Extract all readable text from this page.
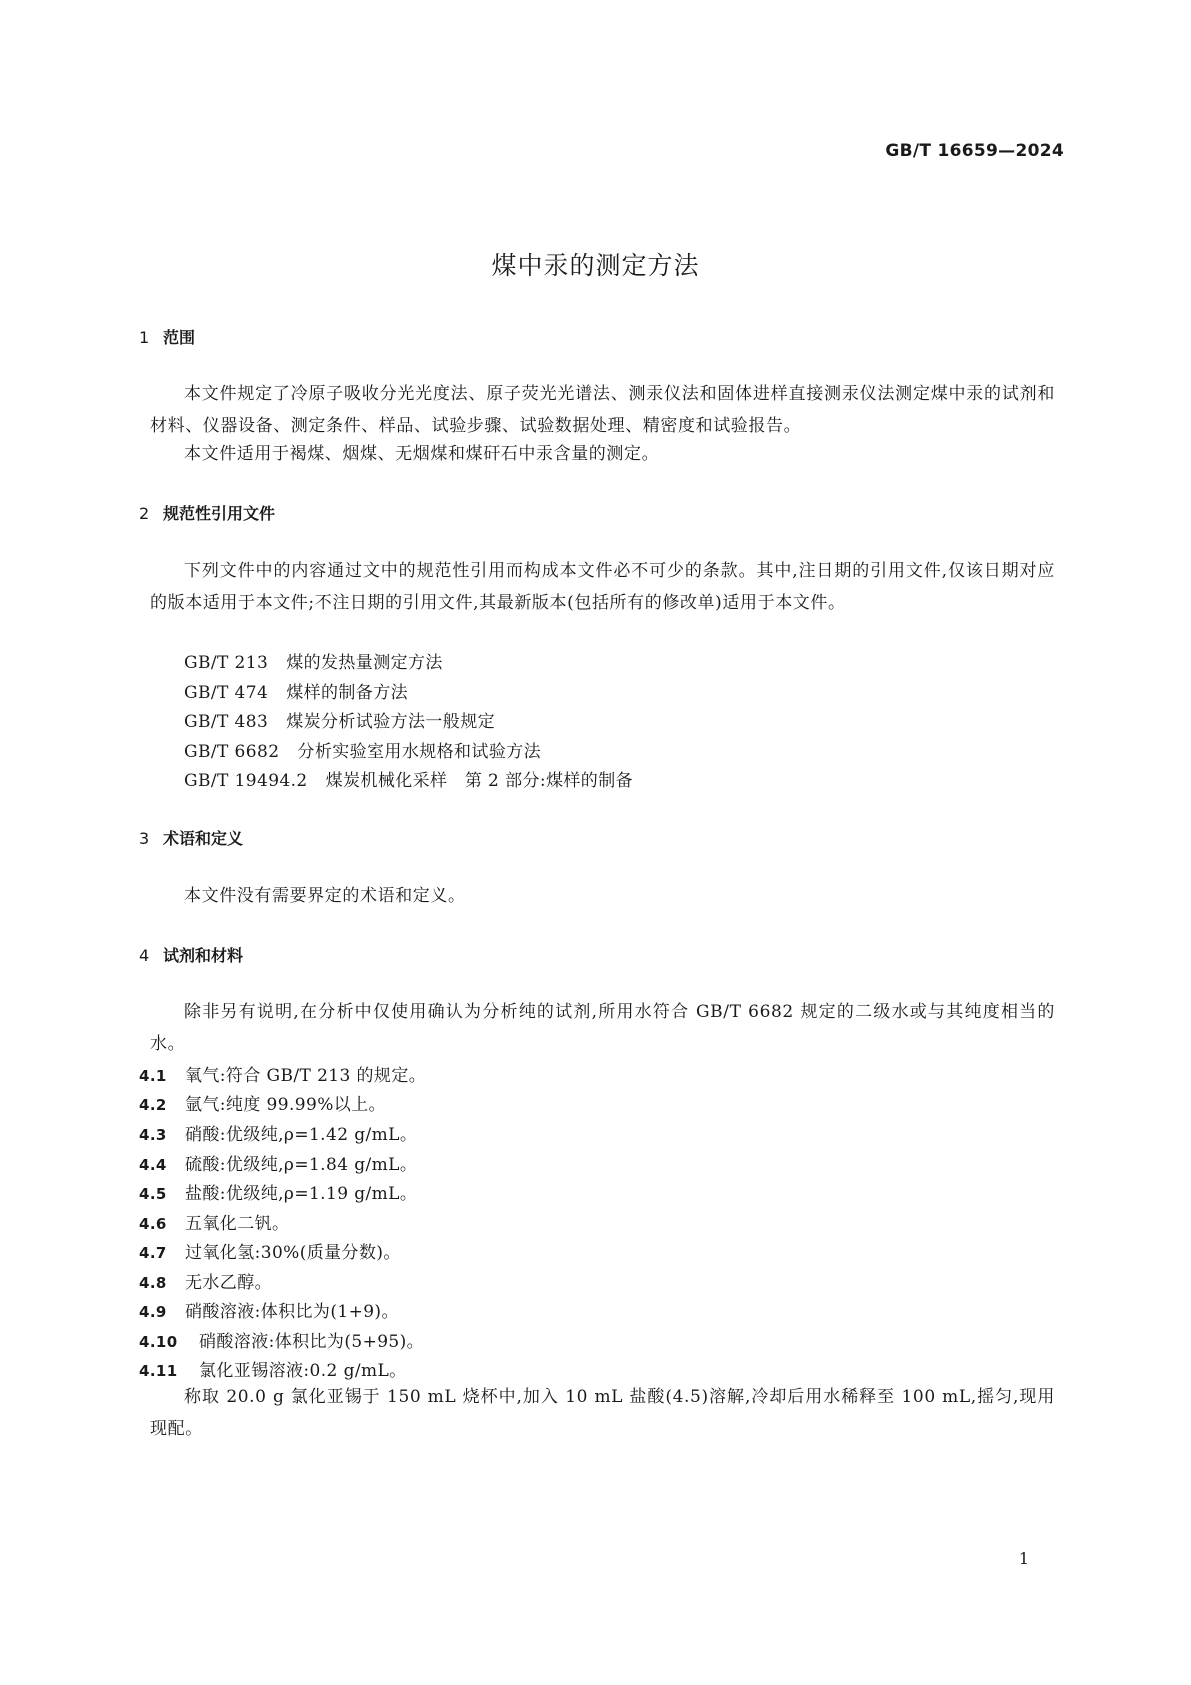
GB/T 16659—2024
煤中汞的测定方法
1 范围
本文件规定了冷原子吸收分光光度法、原子荧光光谱法、测汞仪法和固体进样直接测汞仪法测定煤中汞的试剂和材料、仪器设备、测定条件、样品、试验步骤、试验数据处理、精密度和试验报告。
本文件适用于褐煤、烟煤、无烟煤和煤矸石中汞含量的测定。
2 规范性引用文件
下列文件中的内容通过文中的规范性引用而构成本文件必不可少的条款。其中,注日期的引用文件,仅该日期对应的版本适用于本文件;不注日期的引用文件,其最新版本(包括所有的修改单)适用于本文件。
GB/T 213 煤的发热量测定方法
GB/T 474 煤样的制备方法
GB/T 483 煤炭分析试验方法一般规定
GB/T 6682 分析实验室用水规格和试验方法
GB/T 19494.2 煤炭机械化采样　第 2 部分:煤样的制备
3 术语和定义
本文件没有需要界定的术语和定义。
4 试剂和材料
除非另有说明,在分析中仅使用确认为分析纯的试剂,所用水符合 GB/T 6682 规定的二级水或与其纯度相当的水。
4.1 氧气:符合 GB/T 213 的规定。
4.2 氩气:纯度 99.99%以上。
4.3 硝酸:优级纯,ρ=1.42 g/mL。
4.4 硫酸:优级纯,ρ=1.84 g/mL。
4.5 盐酸:优级纯,ρ=1.19 g/mL。
4.6 五氧化二钒。
4.7 过氧化氢:30%(质量分数)。
4.8 无水乙醇。
4.9 硝酸溶液:体积比为(1+9)。
4.10 硝酸溶液:体积比为(5+95)。
4.11 氯化亚锡溶液:0.2 g/mL。
称取 20.0 g 氯化亚锡于 150 mL 烧杯中,加入 10 mL 盐酸(4.5)溶解,冷却后用水稀释至 100 mL,摇匀,现用现配。
1
